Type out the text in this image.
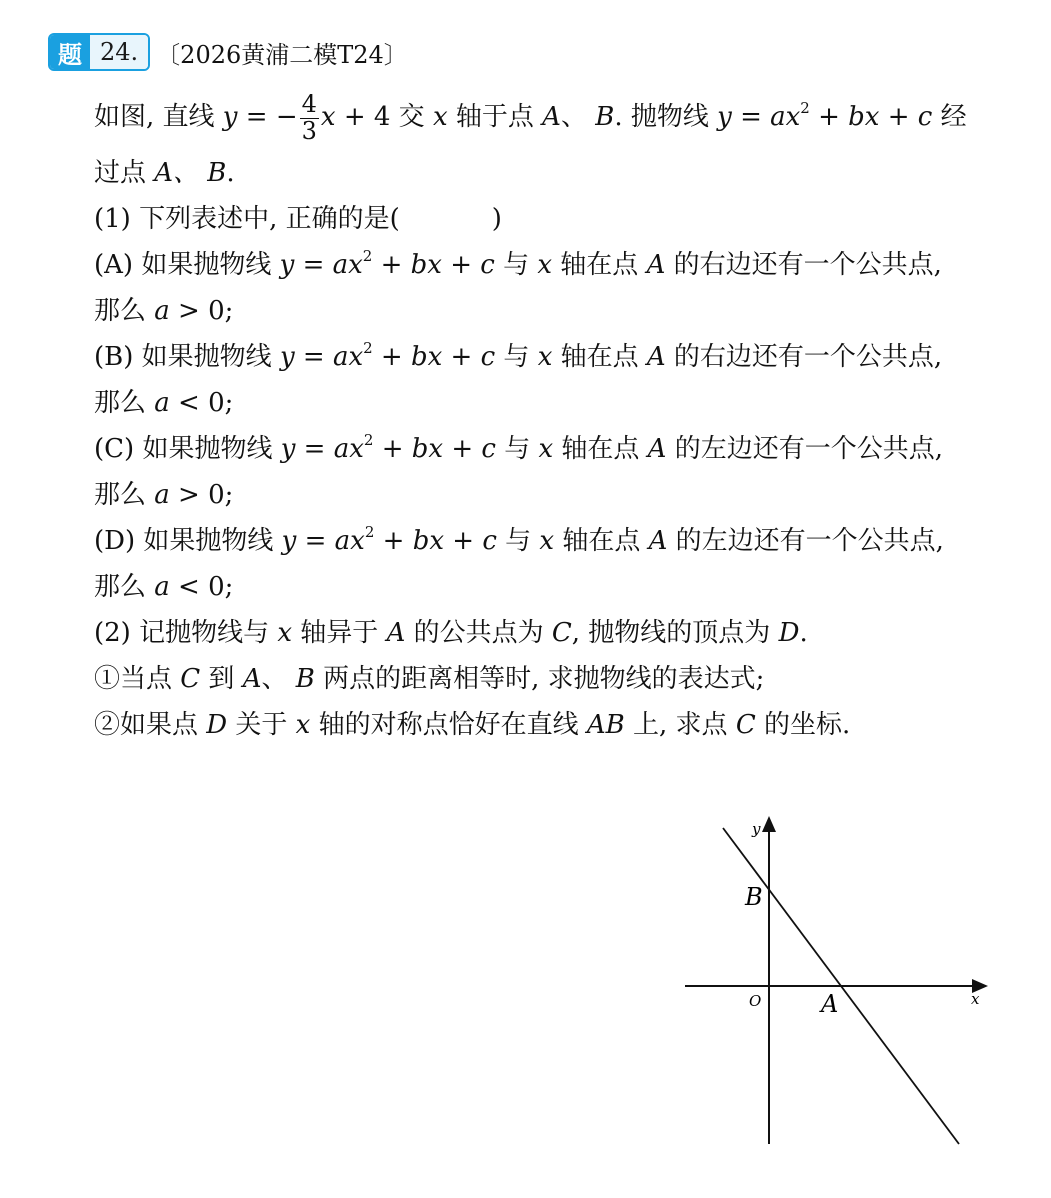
题 24. 〔2026黄浦二模T24〕
如图, 直线 y = − $\frac{4}{3}$ x + 4 交 x 轴于点 A、 B. 抛物线 $y = ax^2$ + bx + c 经
过点 A、 B.
(1) 下列表述中, 正确的是(	)
(A) 如果抛物线 $y = ax^2$ + bx + c 与 x 轴在点 A 的右边还有一个公共点,
那么 a > 0;
(B) 如果抛物线 $y = ax^2$ + bx + c 与 x 轴在点 A 的右边还有一个公共点,
那么 a < 0;
(C) 如果抛物线 $y = ax^2$ + bx + c 与 x 轴在点 A 的左边还有一个公共点,
那么 a > 0;
(D) 如果抛物线 $y = ax^2$ + bx + c 与 x 轴在点 A 的左边还有一个公共点,
那么 a < 0;
(2) 记抛物线与 x 轴异于 A 的公共点为 C, 抛物线的顶点为 D.
①当点 C 到 A、 B 两点的距离相等时, 求抛物线的表达式;
②如果点 D 关于 x 轴的对称点恰好在直线 AB 上, 求点 C 的坐标.
y
x
O A
B
